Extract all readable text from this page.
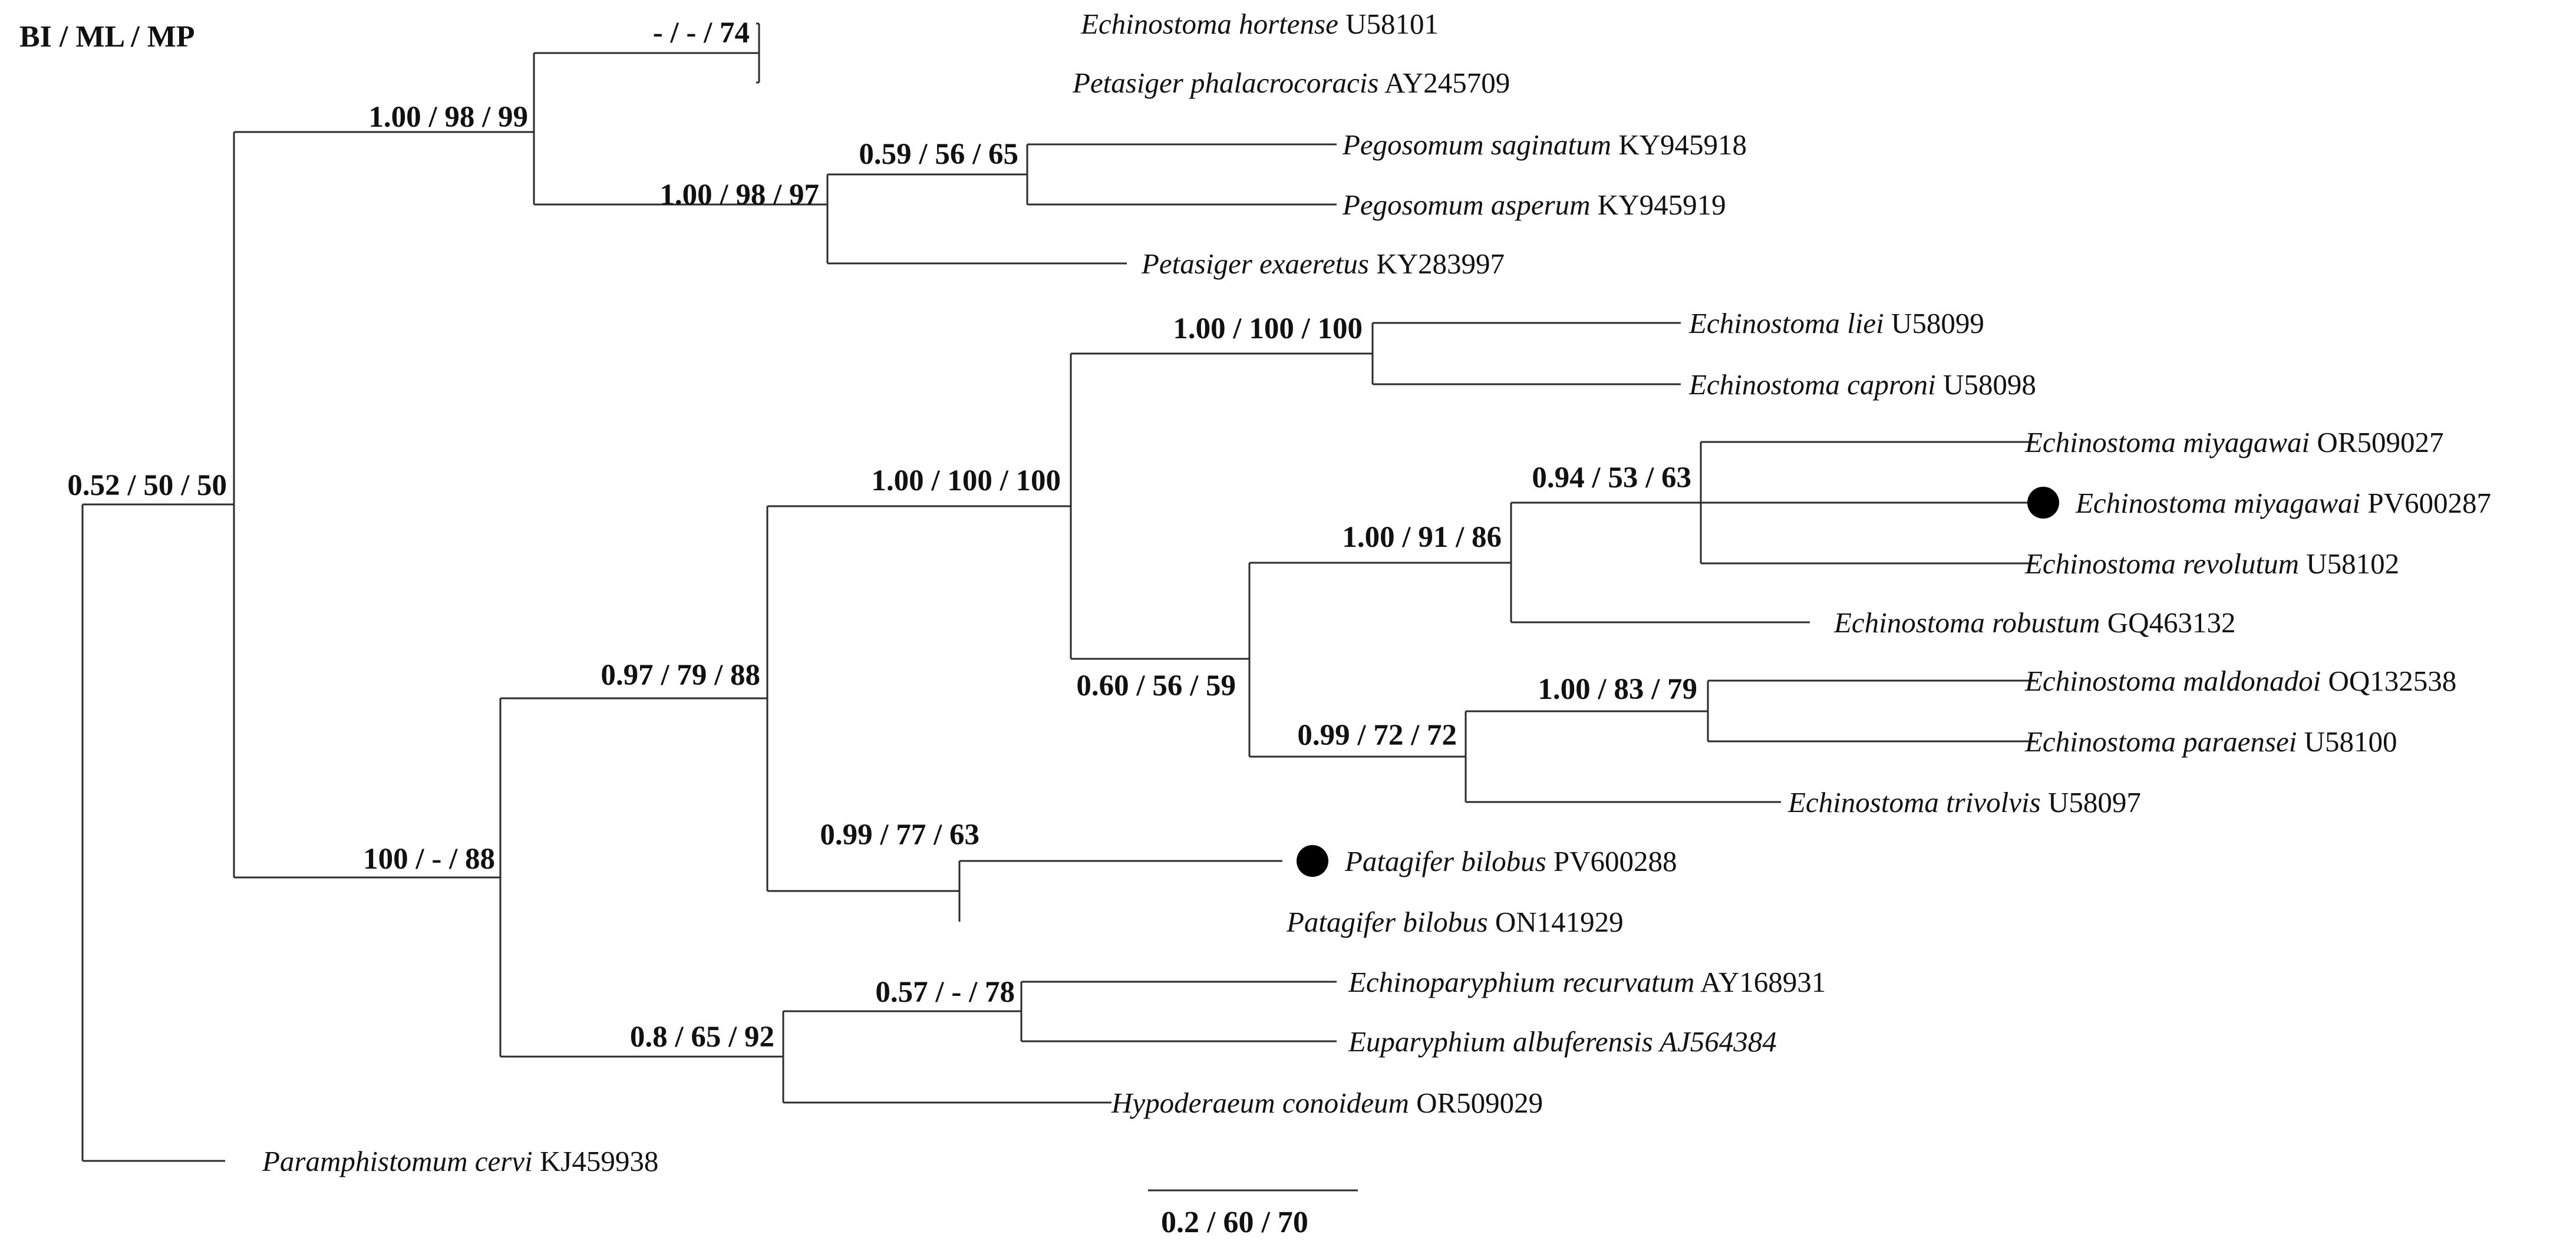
BI / ML / MP	Echinostoma hortense U58101
Petasiger phalacrocoracis AY245709
Pegosomum saginatum KY945918
Pegosomum asperum KY945919
Petasiger exaeretus KY283997
Echinostoma liei U58099
Echinostoma caproni U58098
Echinostoma miyagawai OR509027
Echinostoma miyagawai PV600287
Echinostoma revolutum U58102
Echinostoma robustum GQ463132
Echinostoma maldonadoi OQ132538
Echinostoma paraensei U58100
Echinostoma trivolvis U58097
Patagifer bilobus PV600288
Patagifer bilobus ON141929
Echinoparyphium recurvatum AY168931
Euparyphium albuferensis AJ564384
Hypoderaeum conoideum OR509029
Paramphistomum cervi KJ459938
- / - / 74
1.00 / 98 / 99
0.59 / 56 / 65
1.00 / 98 / 97
0.52 / 50 / 50
1.00 / 100 / 100
1.00 / 100 / 100	0.94 / 53 / 63
1.00 / 91 / 86
1.00 / 83 / 79
0.60 / 56 / 59
0.99 / 72 / 72
0.97 / 79 / 88
0.99 / 77 / 63
100 / - / 88
0.57 / - / 78
0.8 / 65 / 92
0.2 / 60 / 70
